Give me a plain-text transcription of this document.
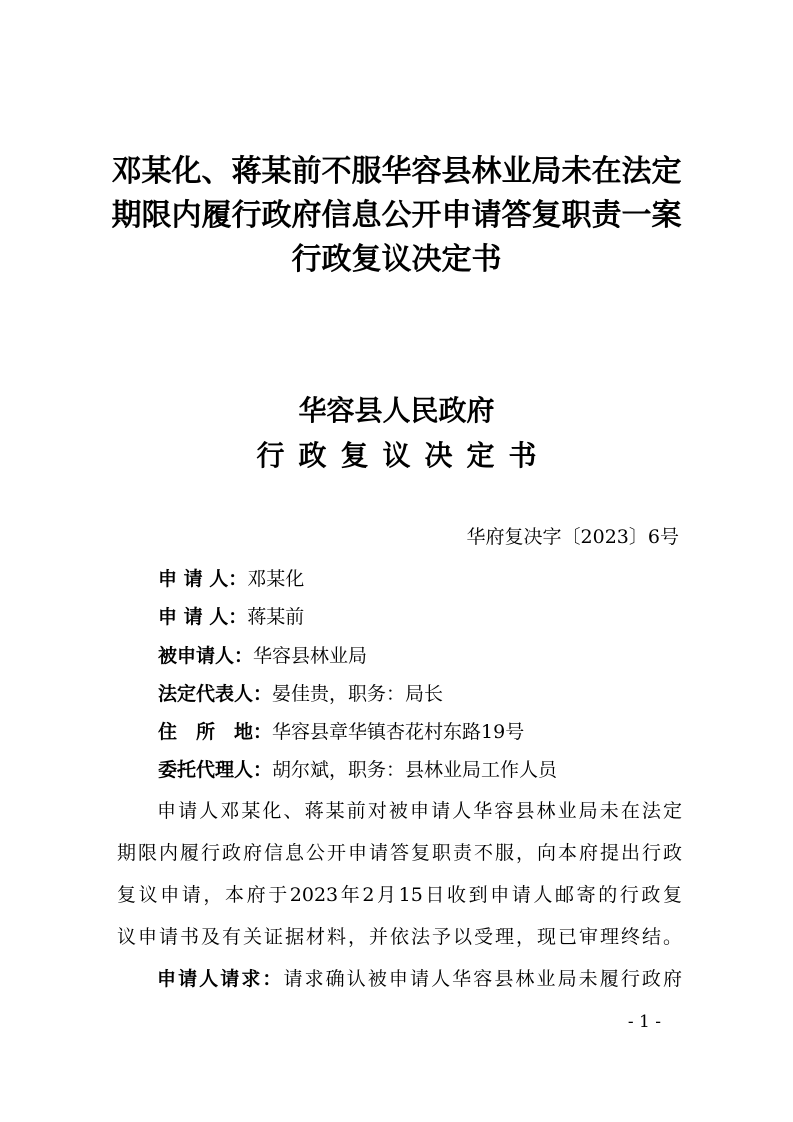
邓某化、蒋某前不服华容县林业局未在法定
期限内履行政府信息公开申请答复职责一案
行政复议决定书
华容县人民政府
行政复议决定书
华府复决字〔2023〕6号
申 请 人：邓某化
申 请 人：蒋某前
被申请人：华容县林业局
法定代表人：晏佳贵，职务：局长
住　所　地：华容县章华镇杏花村东路19号
委托代理人：胡尔斌，职务：县林业局工作人员

申请人邓某化、蒋某前对被申请人华容县林业局未在法定
期限内履行政府信息公开申请答复职责不服，向本府提出行政
复议申请，本府于2023年2月15日收到申请人邮寄的行政复
议申请书及有关证据材料，并依法予以受理，现已审理终结。

申请人请求：请求确认被申请人华容县林业局未履行政府

- 1 -
